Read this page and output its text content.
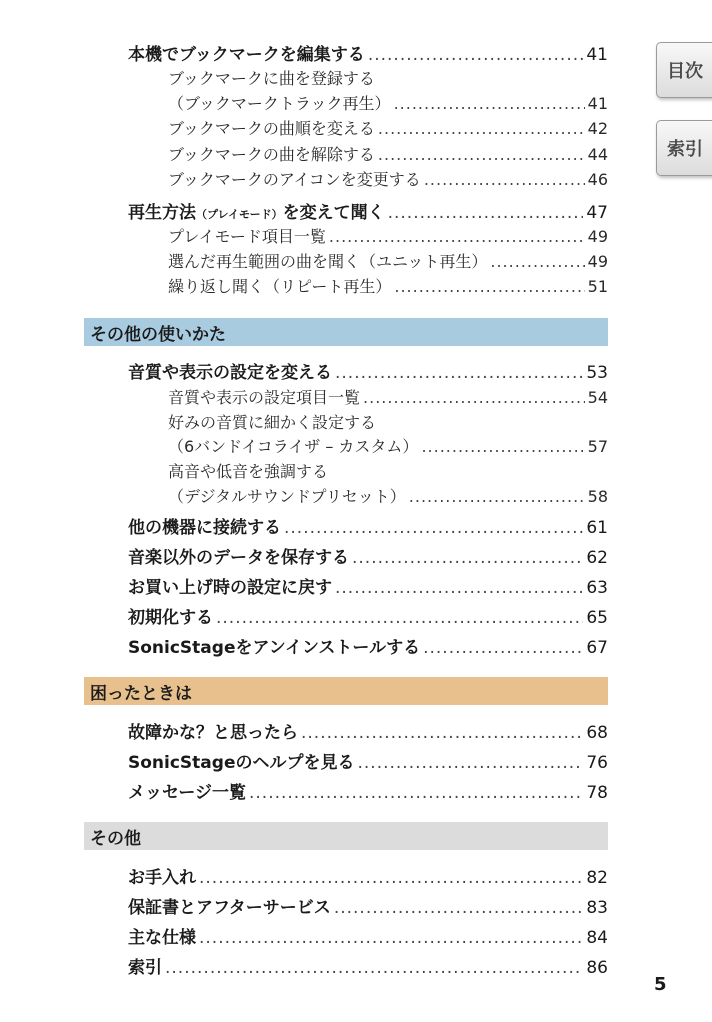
目次
索引
本機でブックマークを編集する .....	41
ブックマークに曲を登録する
（ブックマークトラック再生） .....	41
ブックマークの曲順を変える .....	42
ブックマークの曲を解除する .....	44
ブックマークのアイコンを変更する .....	46
再生方法（プレイモード）を変えて聞く .....	47
プレイモード項目一覧 .....	49
選んだ再生範囲の曲を聞く（ユニット再生） .....	49
繰り返し聞く（リピート再生） .....	51
その他の使いかた
音質や表示の設定を変える .....	53
音質や表示の設定項目一覧 .....	54
好みの音質に細かく設定する
（6バンドイコライザ – カスタム） .....	57
高音や低音を強調する
（デジタルサウンドプリセット） .....	58
他の機器に接続する .....	61
音楽以外のデータを保存する .....	62
お買い上げ時の設定に戻す .....	63
初期化する .....	65
SonicStageをアンインストールする .....	67
困ったときは
故障かな？と思ったら .....	68
SonicStageのヘルプを見る .....	76
メッセージ一覧 .....	78
その他
お手入れ .....	82
保証書とアフターサービス .....	83
主な仕様 .....	84
索引 .....	86
5
